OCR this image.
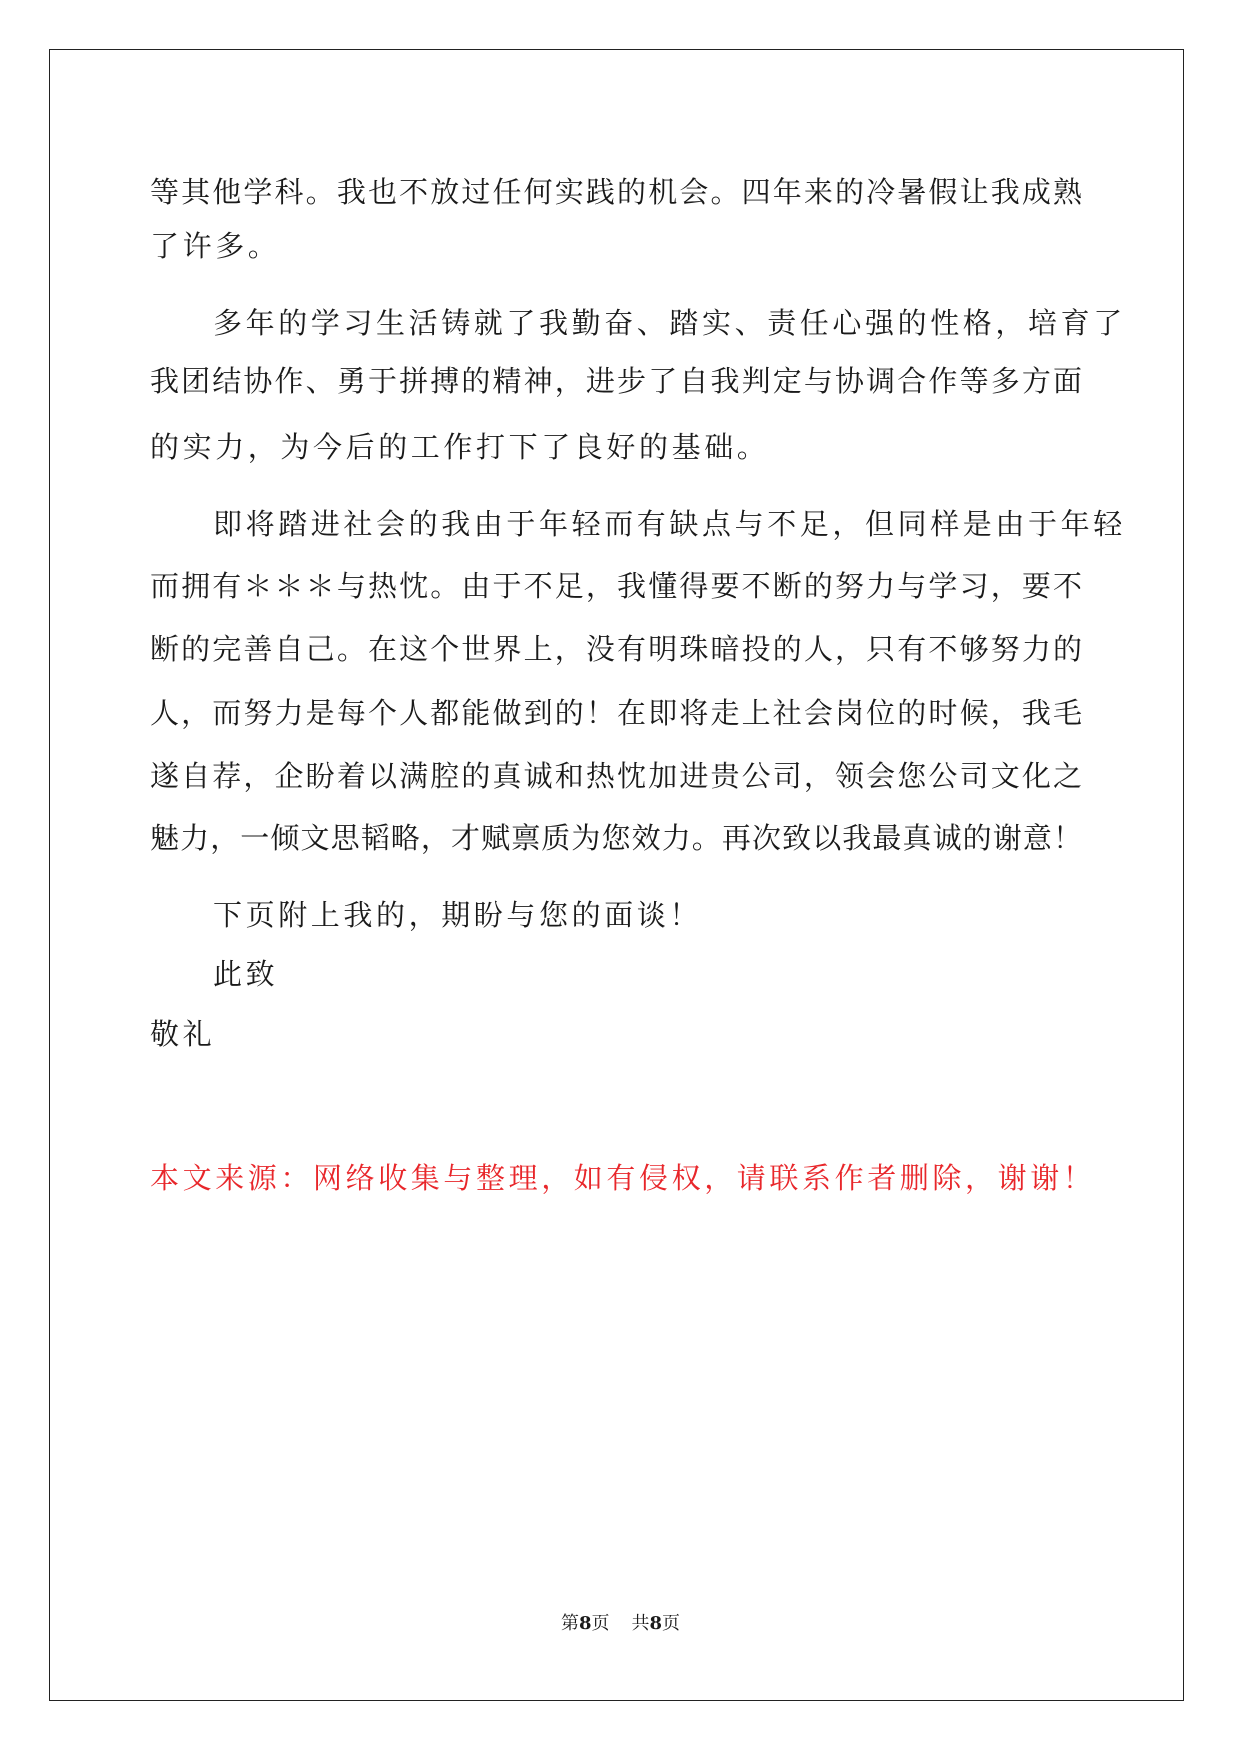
等其他学科。我也不放过任何实践的机会。四年来的冷暑假让我成熟
了许多。
多年的学习生活铸就了我勤奋、踏实、责任心强的性格，培育了
我团结协作、勇于拼搏的精神，进步了自我判定与协调合作等多方面
的实力，为今后的工作打下了良好的基础。
即将踏进社会的我由于年轻而有缺点与不足，但同样是由于年轻
而拥有＊＊＊与热忱。由于不足，我懂得要不断的努力与学习，要不
断的完善自己。在这个世界上，没有明珠暗投的人，只有不够努力的
人，而努力是每个人都能做到的！在即将走上社会岗位的时候，我毛
遂自荐，企盼着以满腔的真诚和热忱加进贵公司，领会您公司文化之
魅力，一倾文思韬略，才赋禀质为您效力。再次致以我最真诚的谢意！
下页附上我的，期盼与您的面谈！
此致
敬礼
本文来源：网络收集与整理，如有侵权，请联系作者删除，谢谢！
第8页 共8页
